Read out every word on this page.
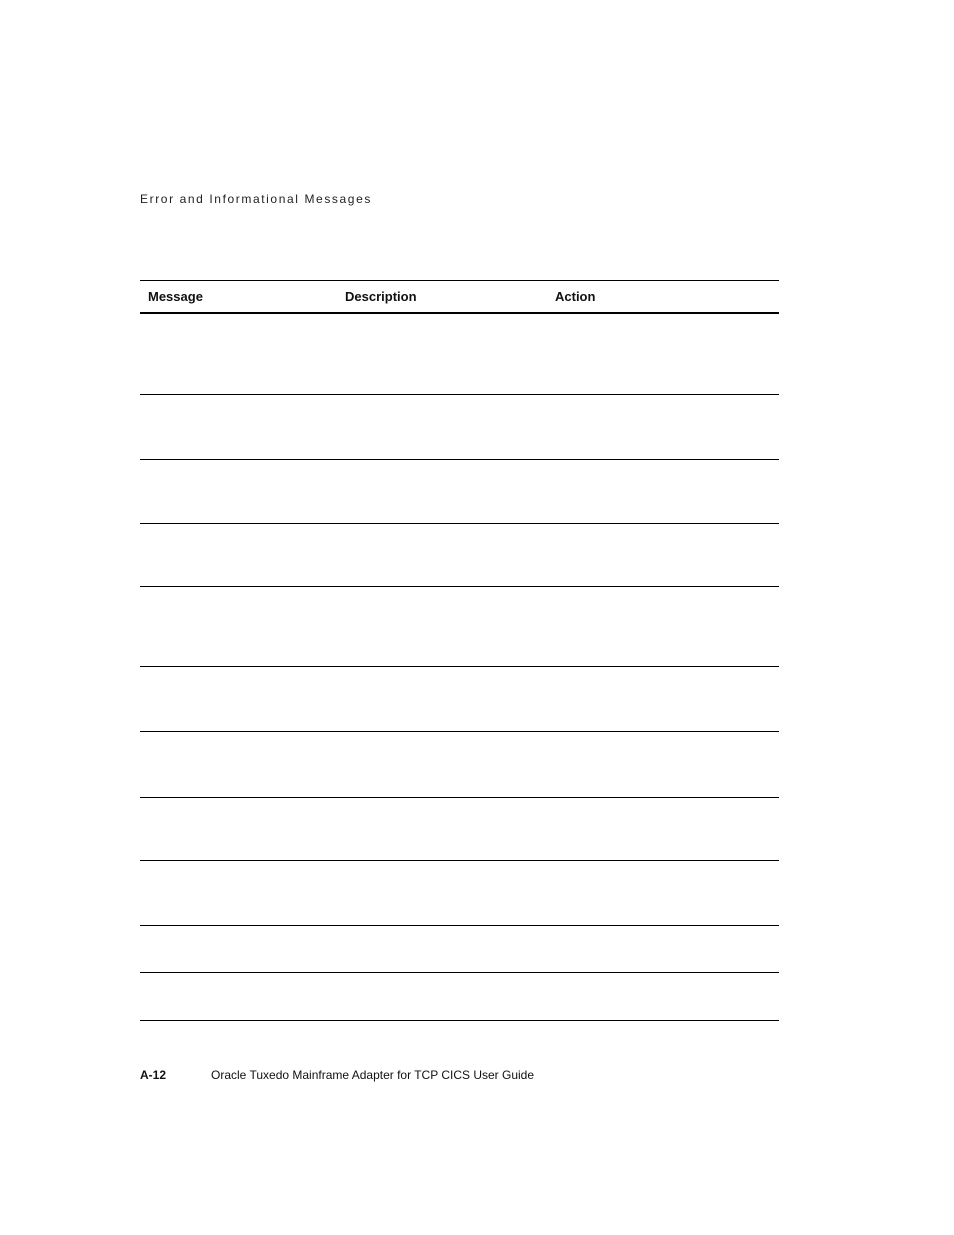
Error and Informational Messages
Message	Description	Action

A-12	Oracle Tuxedo Mainframe Adapter for TCP CICS User Guide
